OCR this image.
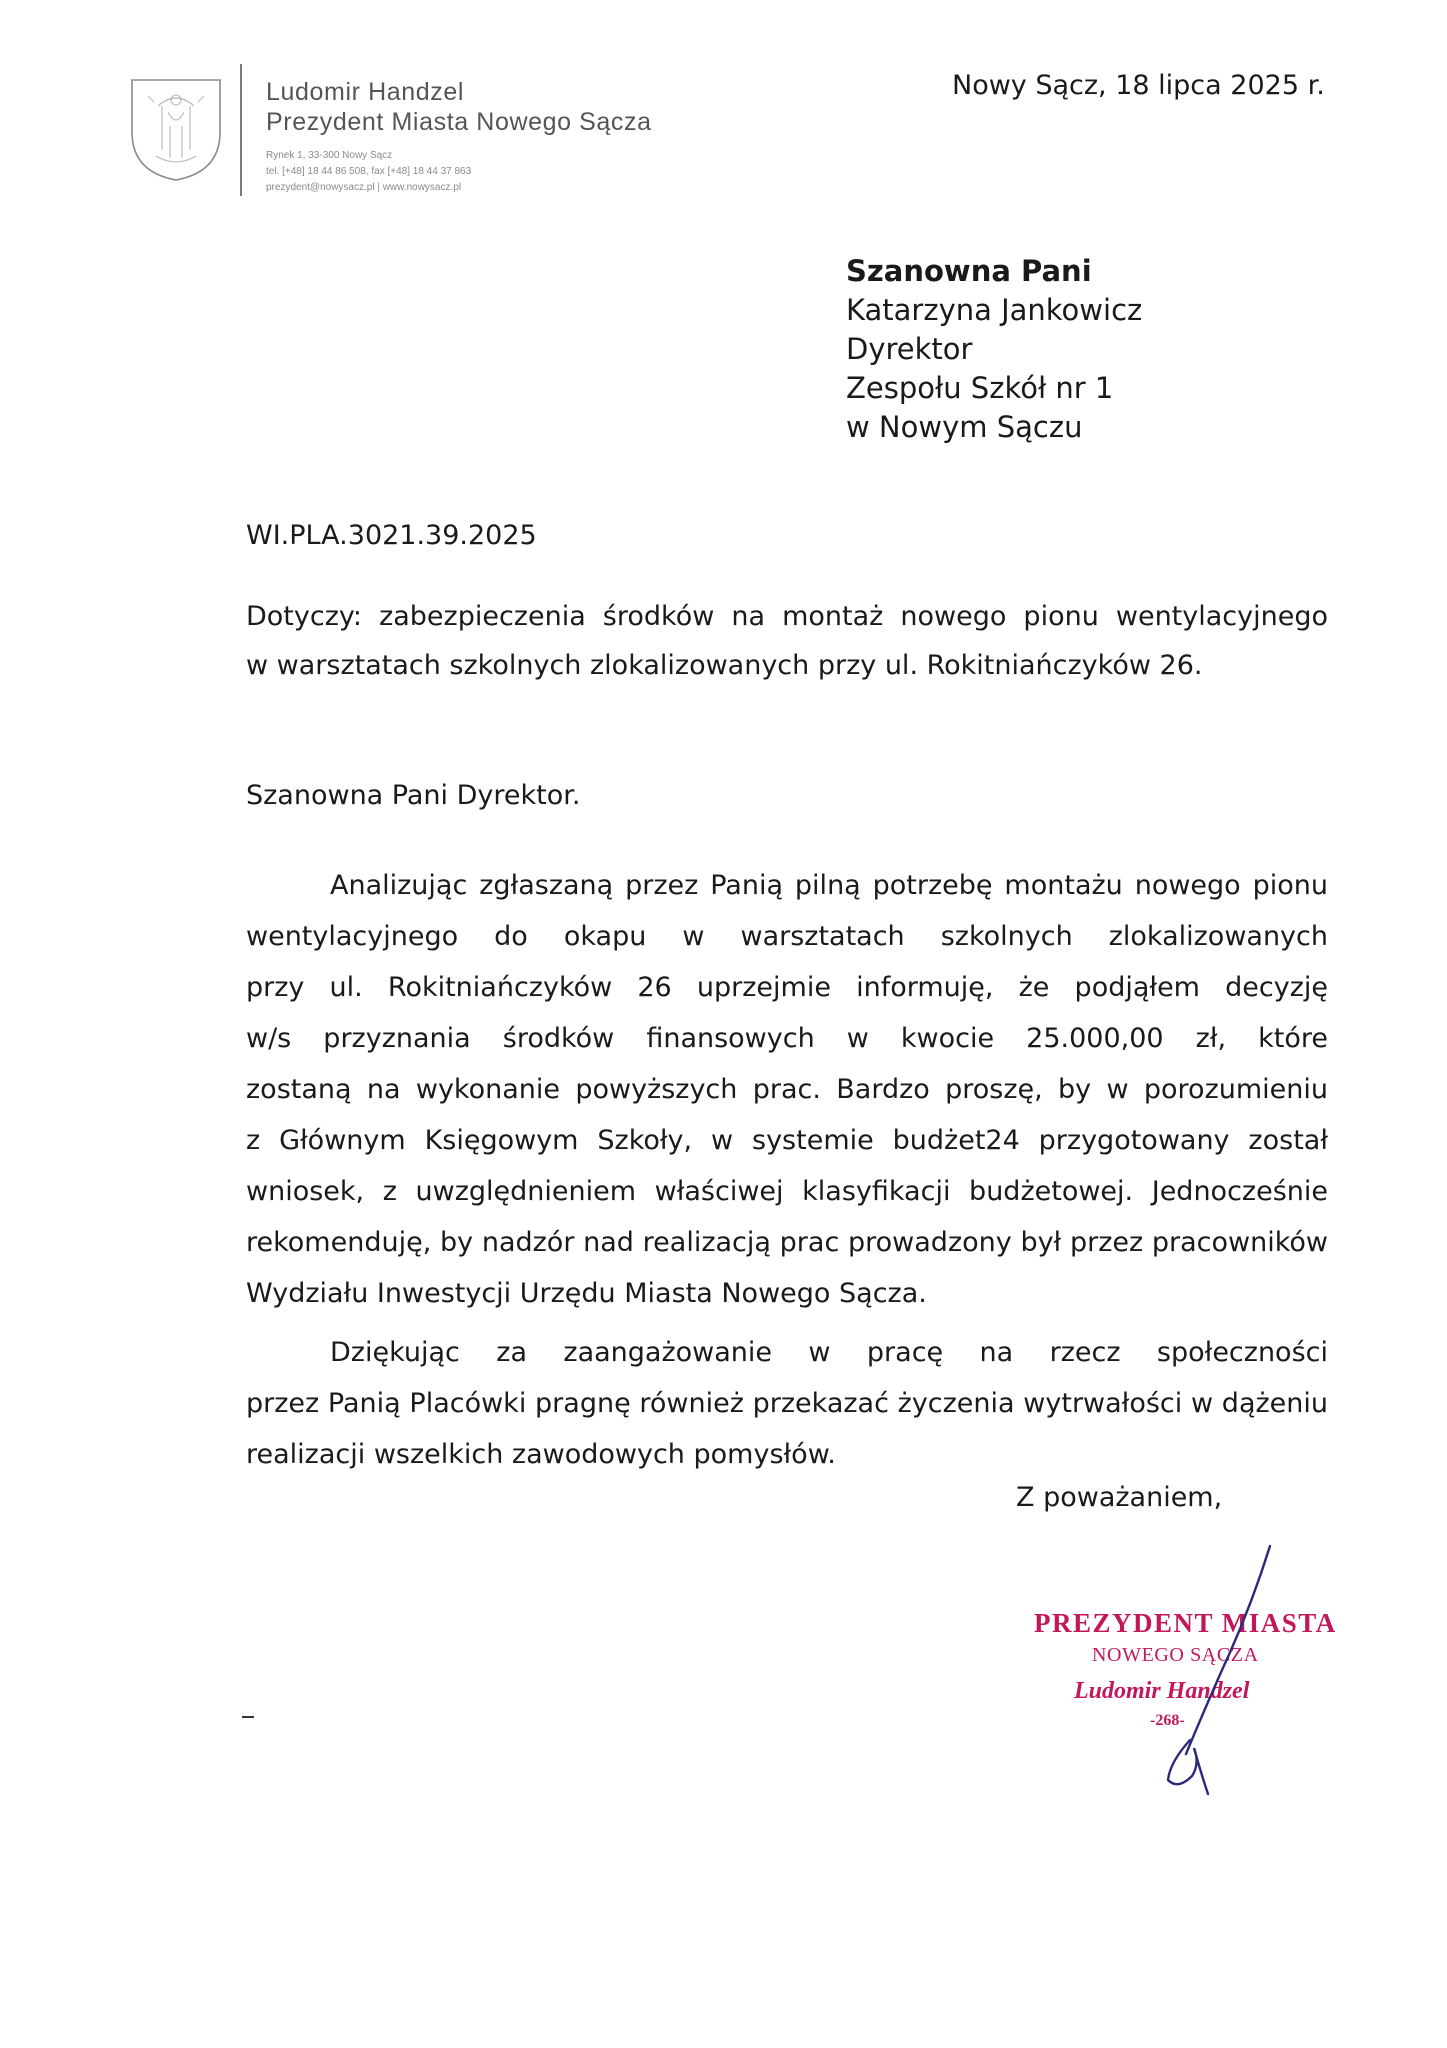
Ludomir Handzel
Prezydent Miasta Nowego Sącza
Rynek 1, 33-300 Nowy Sącz
tel. [+48] 18 44 86 508, fax [+48] 18 44 37 863
prezydent@nowysacz.pl | www.nowysacz.pl
Nowy Sącz, 18 lipca 2025 r.
Szanowna Pani
Katarzyna Jankowicz
Dyrektor
Zespołu Szkół nr 1
w Nowym Sączu
WI.PLA.3021.39.2025
Dotyczy: zabezpieczenia środków na montaż nowego pionu wentylacyjnego
w warsztatach szkolnych zlokalizowanych przy ul. Rokitniańczyków 26.
Szanowna Pani Dyrektor.
Analizując zgłaszaną przez Panią pilną potrzebę montażu nowego pionu
wentylacyjnego do okapu w warsztatach szkolnych zlokalizowanych
przy ul. Rokitniańczyków 26 uprzejmie informuję, że podjąłem decyzję
w/s przyznania środków finansowych w kwocie 25.000,00 zł, które
zostaną na wykonanie powyższych prac. Bardzo proszę, by w porozumieniu
z Głównym Księgowym Szkoły, w systemie budżet24 przygotowany został
wniosek, z uwzględnieniem właściwej klasyfikacji budżetowej. Jednocześnie
rekomenduję, by nadzór nad realizacją prac prowadzony był przez pracowników
Wydziału Inwestycji Urzędu Miasta Nowego Sącza.
Dziękując za zaangażowanie w pracę na rzecz społeczności
przez Panią Placówki pragnę również przekazać życzenia wytrwałości w dążeniu
realizacji wszelkich zawodowych pomysłów.
Z poważaniem,
PREZYDENT MIASTA
NOWEGO SĄCZA
Ludomir Handzel
-268-
